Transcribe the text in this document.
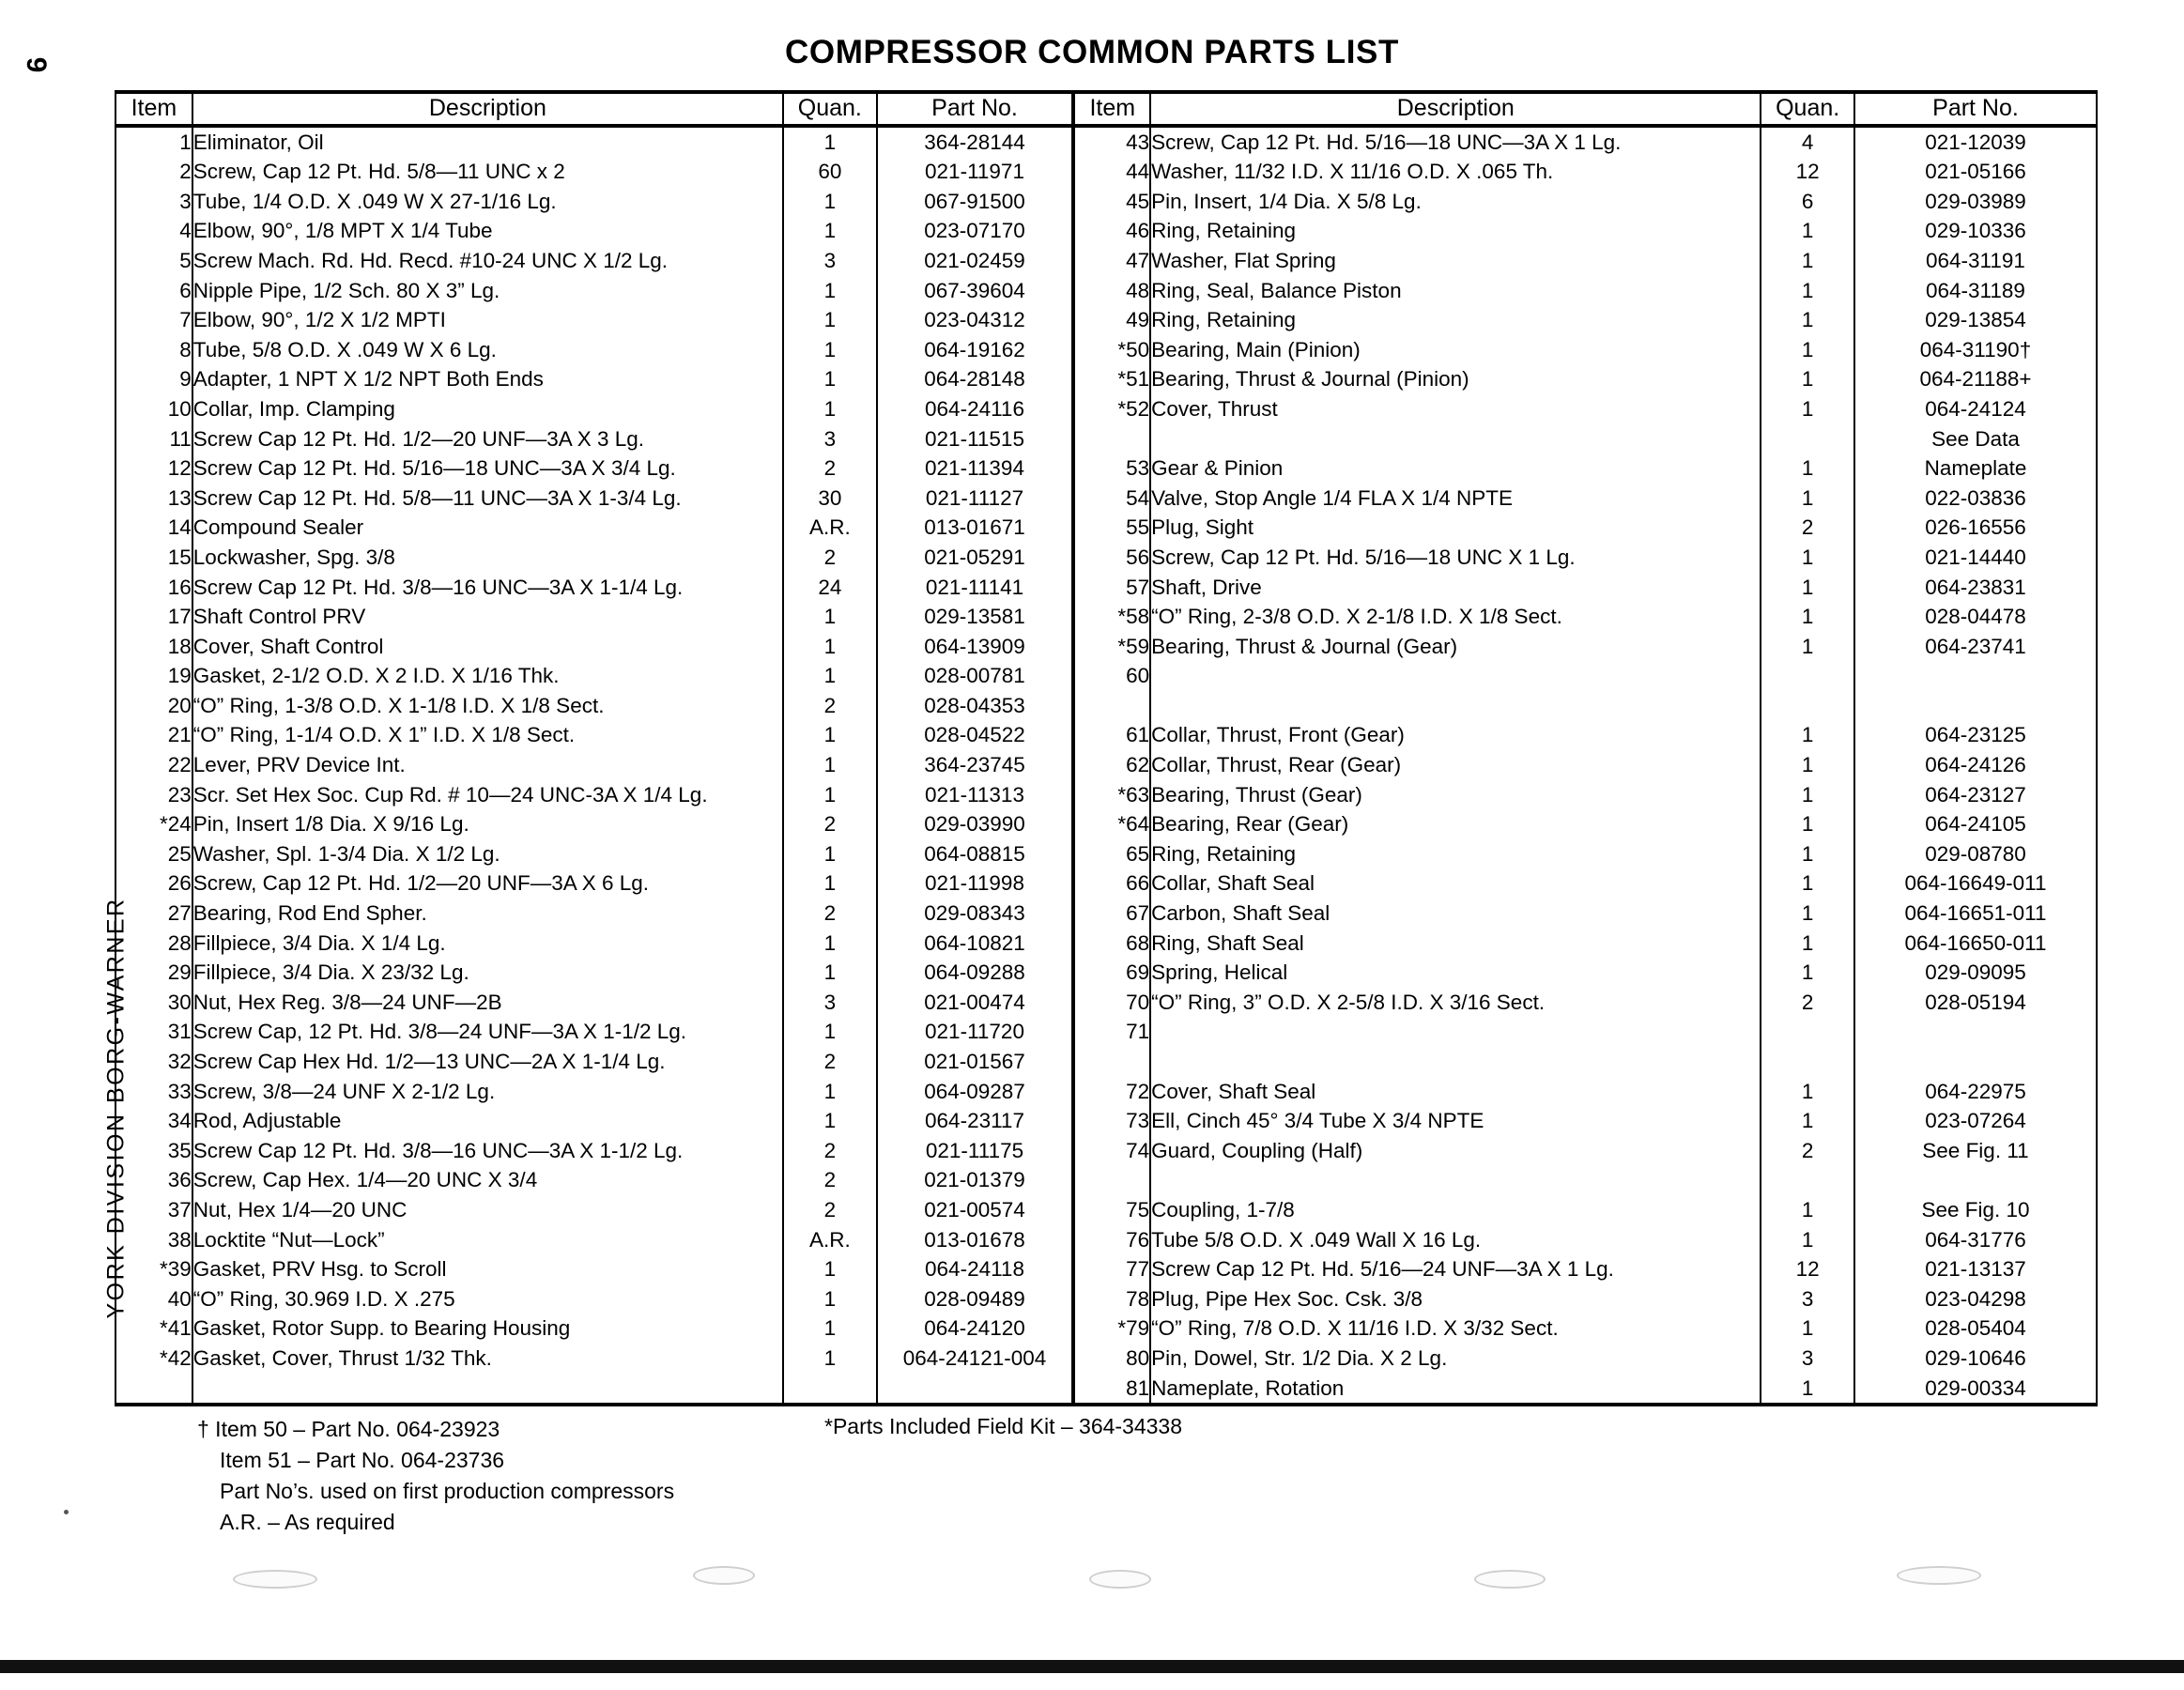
6
YORK DIVISION BORG-WARNER
COMPRESSOR COMMON PARTS LIST
Item	Description	Quan.	Part No.	Item	Description	Quan.	Part No.
1	Eliminator, Oil	1	364-28144	43	Screw, Cap 12 Pt. Hd. 5/16—18 UNC—3A X 1 Lg.	4	021-12039
2	Screw, Cap 12 Pt. Hd. 5/8—11 UNC x 2	60	021-11971	44	Washer, 11/32 I.D. X 11/16 O.D. X .065 Th.	12	021-05166
3	Tube, 1/4 O.D. X .049 W X 27-1/16 Lg.	1	067-91500	45	Pin, Insert, 1/4 Dia. X 5/8 Lg.	6	029-03989
4	Elbow, 90°, 1/8 MPT X 1/4 Tube	1	023-07170	46	Ring, Retaining	1	029-10336
5	Screw Mach. Rd. Hd. Recd. #10-24 UNC X 1/2 Lg.	3	021-02459	47	Washer, Flat Spring	1	064-31191
6	Nipple Pipe, 1/2 Sch. 80 X 3” Lg.	1	067-39604	48	Ring, Seal, Balance Piston	1	064-31189
7	Elbow, 90°, 1/2 X 1/2 MPTI	1	023-04312	49	Ring, Retaining	1	029-13854
8	Tube, 5/8 O.D. X .049 W X 6 Lg.	1	064-19162	*50	Bearing, Main (Pinion)	1	064-31190†
9	Adapter, 1 NPT X 1/2 NPT Both Ends	1	064-28148	*51	Bearing, Thrust & Journal (Pinion)	1	064-21188+
10	Collar, Imp. Clamping	1	064-24116	*52	Cover, Thrust	1	064-24124
11	Screw Cap 12 Pt. Hd. 1/2—20 UNF—3A X 3 Lg.	3	021-11515				See Data
12	Screw Cap 12 Pt. Hd. 5/16—18 UNC—3A X 3/4 Lg.	2	021-11394	53	Gear & Pinion	1	Nameplate
13	Screw Cap 12 Pt. Hd. 5/8—11 UNC—3A X 1-3/4 Lg.	30	021-11127	54	Valve, Stop Angle 1/4 FLA X 1/4 NPTE	1	022-03836
14	Compound Sealer	A.R.	013-01671	55	Plug, Sight	2	026-16556
15	Lockwasher, Spg. 3/8	2	021-05291	56	Screw, Cap 12 Pt. Hd. 5/16—18 UNC X 1 Lg.	1	021-14440
16	Screw Cap 12 Pt. Hd. 3/8—16 UNC—3A X 1-1/4 Lg.	24	021-11141	57	Shaft, Drive	1	064-23831
17	Shaft Control PRV	1	029-13581	*58	“O” Ring, 2-3/8 O.D. X 2-1/8 I.D. X 1/8 Sect.	1	028-04478
18	Cover, Shaft Control	1	064-13909	*59	Bearing, Thrust & Journal (Gear)	1	064-23741
19	Gasket, 2-1/2 O.D. X 2 I.D. X 1/16 Thk.	1	028-00781	60			
20	“O” Ring, 1-3/8 O.D. X 1-1/8 I.D. X 1/8 Sect.	2	028-04353				
21	“O” Ring, 1-1/4 O.D. X 1” I.D. X 1/8 Sect.	1	028-04522	61	Collar, Thrust, Front (Gear)	1	064-23125
22	Lever, PRV Device Int.	1	364-23745	62	Collar, Thrust, Rear (Gear)	1	064-24126
23	Scr. Set Hex Soc. Cup Rd. # 10—24 UNC-3A X 1/4 Lg.	1	021-11313	*63	Bearing, Thrust (Gear)	1	064-23127
*24	Pin, Insert 1/8 Dia. X 9/16 Lg.	2	029-03990	*64	Bearing, Rear (Gear)	1	064-24105
25	Washer, Spl. 1-3/4 Dia. X 1/2 Lg.	1	064-08815	65	Ring, Retaining	1	029-08780
26	Screw, Cap 12 Pt. Hd. 1/2—20 UNF—3A X 6 Lg.	1	021-11998	66	Collar, Shaft Seal	1	064-16649-011
27	Bearing, Rod End Spher.	2	029-08343	67	Carbon, Shaft Seal	1	064-16651-011
28	Fillpiece, 3/4 Dia. X 1/4 Lg.	1	064-10821	68	Ring, Shaft Seal	1	064-16650-011
29	Fillpiece, 3/4 Dia. X 23/32 Lg.	1	064-09288	69	Spring, Helical	1	029-09095
30	Nut, Hex Reg. 3/8—24 UNF—2B	3	021-00474	70	“O” Ring, 3” O.D. X 2-5/8 I.D. X 3/16 Sect.	2	028-05194
31	Screw Cap, 12 Pt. Hd. 3/8—24 UNF—3A X 1-1/2 Lg.	1	021-11720	71			
32	Screw Cap Hex Hd. 1/2—13 UNC—2A X 1-1/4 Lg.	2	021-01567				
33	Screw, 3/8—24 UNF X 2-1/2 Lg.	1	064-09287	72	Cover, Shaft Seal	1	064-22975
34	Rod, Adjustable	1	064-23117	73	Ell, Cinch 45° 3/4 Tube X 3/4 NPTE	1	023-07264
35	Screw Cap 12 Pt. Hd. 3/8—16 UNC—3A X 1-1/2 Lg.	2	021-11175	74	Guard, Coupling (Half)	2	See Fig. 11
36	Screw, Cap Hex. 1/4—20 UNC X 3/4	2	021-01379				
37	Nut, Hex 1/4—20 UNC	2	021-00574	75	Coupling, 1-7/8	1	See Fig. 10
38	Locktite “Nut—Lock”	A.R.	013-01678	76	Tube 5/8 O.D. X .049 Wall X 16 Lg.	1	064-31776
*39	Gasket, PRV Hsg. to Scroll	1	064-24118	77	Screw Cap 12 Pt. Hd. 5/16—24 UNF—3A X 1 Lg.	12	021-13137
40	“O” Ring, 30.969 I.D. X .275	1	028-09489	78	Plug, Pipe Hex Soc. Csk. 3/8	3	023-04298
*41	Gasket, Rotor Supp. to Bearing Housing	1	064-24120	*79	“O” Ring, 7/8 O.D. X 11/16 I.D. X 3/32 Sect.	1	028-05404
*42	Gasket, Cover, Thrust 1/32 Thk.	1	064-24121-004	80	Pin, Dowel, Str. 1/2 Dia. X 2 Lg.	3	029-10646
				81	Nameplate, Rotation	1	029-00334
† Item 50 – Part No. 064-23923
Item 51 – Part No. 064-23736
Part No’s. used on first production compressors
A.R. – As required
*Parts Included Field Kit – 364-34338
